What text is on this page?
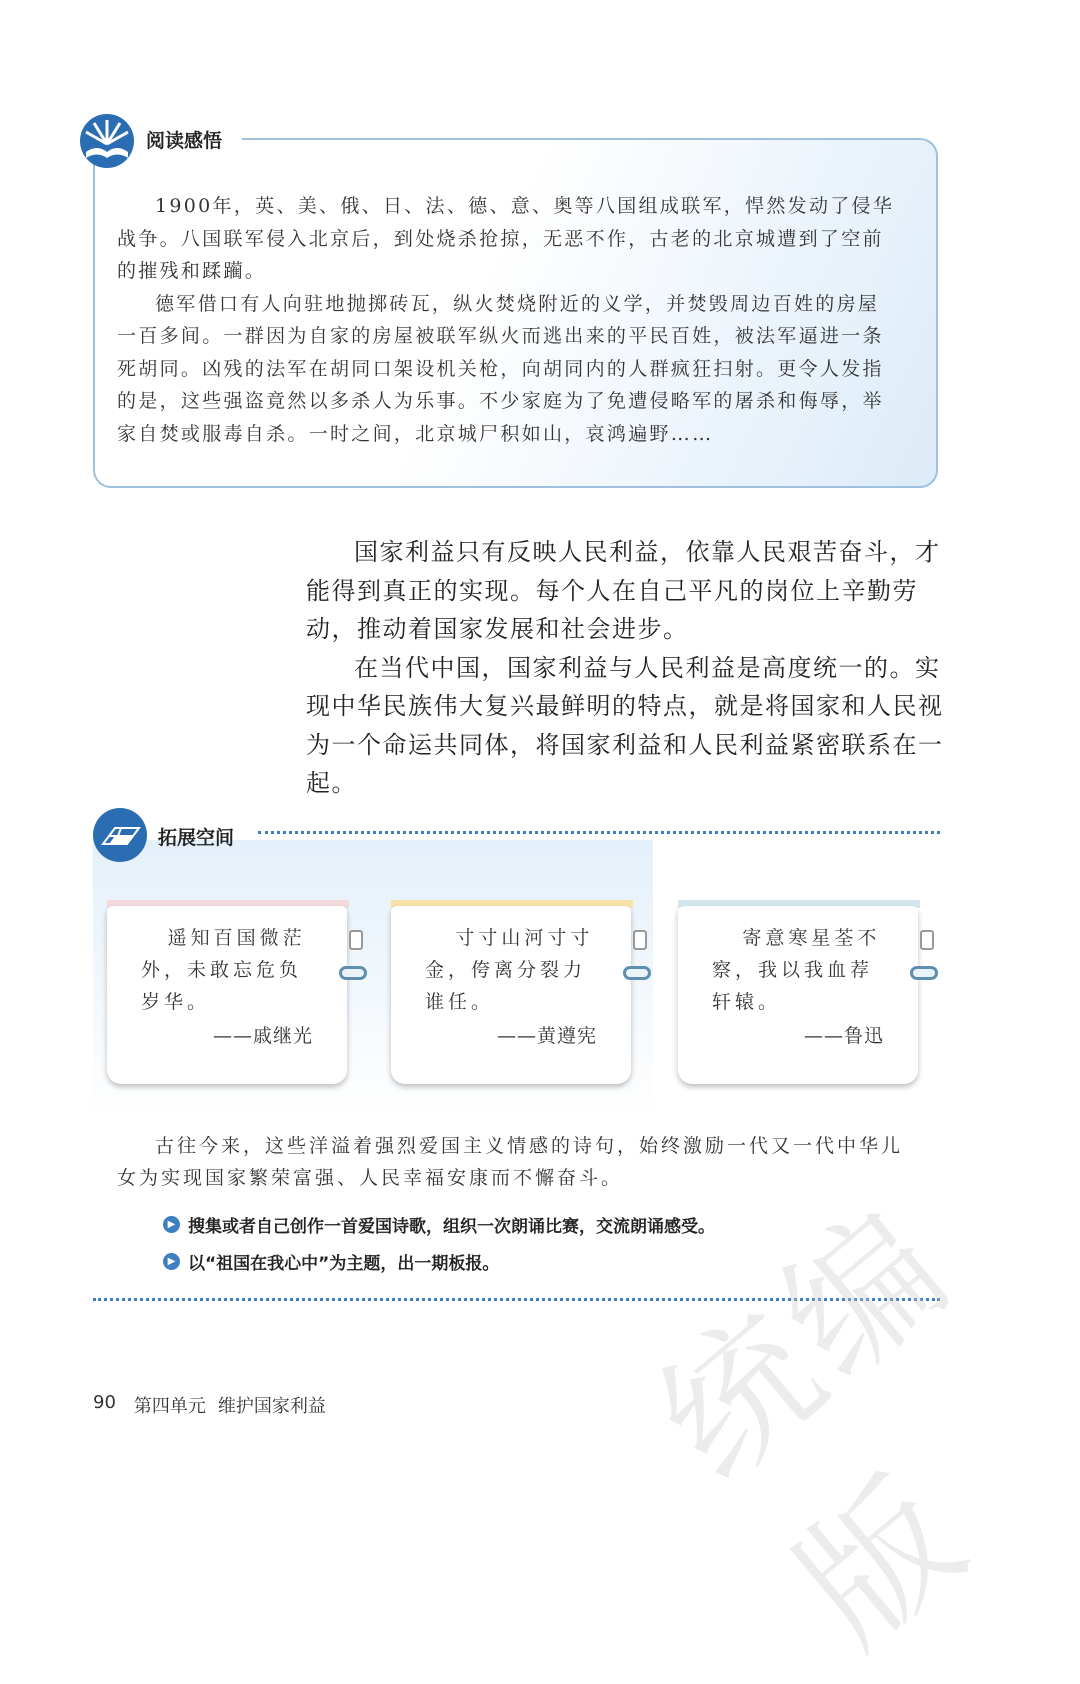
阅读感悟

1900年，英、美、俄、日、法、德、意、奥等八国组成联军，悍然发动了侵华战争。八国联军侵入北京后，到处烧杀抢掠，无恶不作，古老的北京城遭到了空前的摧残和蹂躏。

德军借口有人向驻地抛掷砖瓦，纵火焚烧附近的义学，并焚毁周边百姓的房屋一百多间。一群因为自家的房屋被联军纵火而逃出来的平民百姓，被法军逼进一条死胡同。凶残的法军在胡同口架设机关枪，向胡同内的人群疯狂扫射。更令人发指的是，这些强盗竟然以多杀人为乐事。不少家庭为了免遭侵略军的屠杀和侮辱，举家自焚或服毒自杀。一时之间，北京城尸积如山，哀鸿遍野……

国家利益只有反映人民利益，依靠人民艰苦奋斗，才能得到真正的实现。每个人在自己平凡的岗位上辛勤劳动，推动着国家发展和社会进步。

在当代中国，国家利益与人民利益是高度统一的。实现中华民族伟大复兴最鲜明的特点，就是将国家和人民视为一个命运共同体，将国家利益和人民利益紧密联系在一起。

拓展空间
遥知百国微茫外，未敢忘危负岁华。
——戚继光
寸寸山河寸寸金，侉离分裂力谁任。
——黄遵宪
寄意寒星荃不察，我以我血荐轩辕。
——鲁迅

古往今来，这些洋溢着强烈爱国主义情感的诗句，始终激励一代又一代中华儿女为实现国家繁荣富强、人民幸福安康而不懈奋斗。

▶ 搜集或者自己创作一首爱国诗歌，组织一次朗诵比赛，交流朗诵感受。
▶ 以“祖国在我心中”为主题，出一期板报。
90 第四单元 维护国家利益 统编版
